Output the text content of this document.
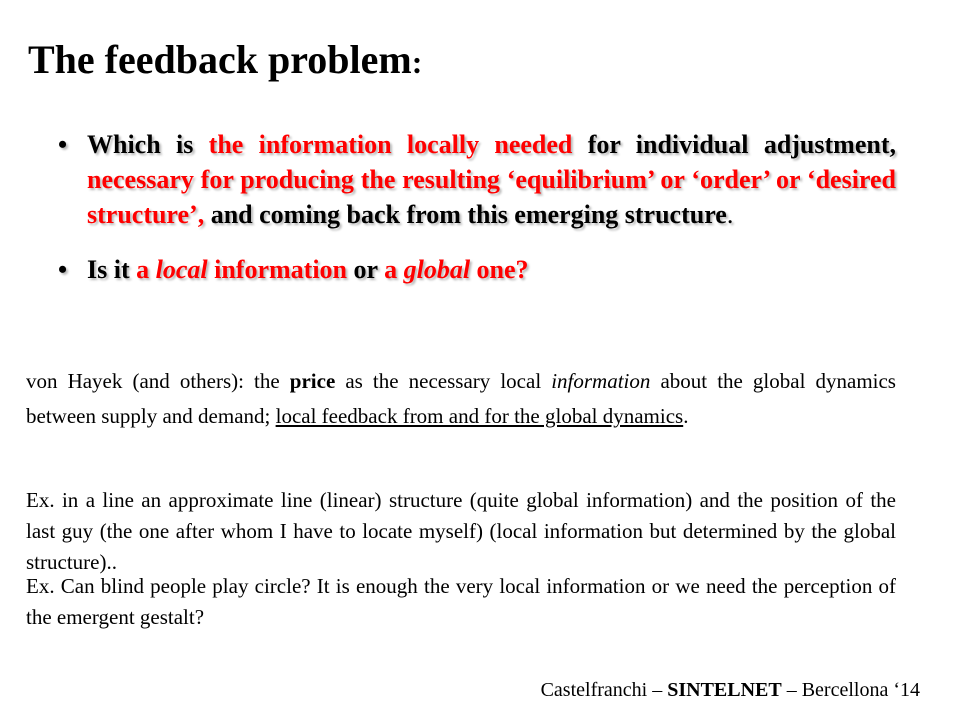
The feedback problem:
• Which is the information locally needed for individual adjustment, necessary for producing the resulting ‘equilibrium’ or ‘order’ or ‘desired structure’, and coming back from this emerging structure.
• Is it a local information or a global one?

von Hayek (and others): the price as the necessary local information about the global dynamics between supply and demand; local feedback from and for the global dynamics.

Ex. in a line an approximate line (linear) structure (quite global information) and the position of the last guy (the one after whom I have to locate myself) (local information but determined by the global structure)..

Ex. Can blind people play circle? It is enough the very local information or we need the perception of the emergent gestalt?

Castelfranchi – SINTELNET – Bercellona ‘14
